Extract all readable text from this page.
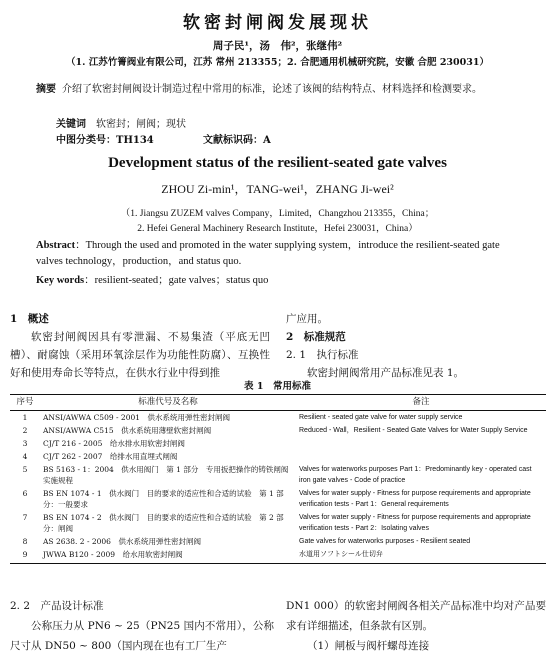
软密封闸阀发展现状
周子民¹，汤　伟²，张继伟²
（1. 江苏竹箐阀业有限公司，江苏 常州 213355；2. 合肥通用机械研究院，安徽 合肥 230031）
摘要 介绍了软密封闸阀设计制造过程中常用的标准，论述了该阀的结构特点、材料选择和检测要求。
关键词　 软密封；闸阀；现状
中图分类号：TH134	文献标识码：A
Development status of the resilient-seated gate valves
ZHOU Zi-min¹，TANG-wei¹，ZHANG Ji-wei²
（1. Jiangsu ZUZEM valves Company，Limited，Changzhou 213355，China；
2. Hefei General Machinery Research Institute，Hefei 230031，China）
Abstract：Through the used and promoted in the water supplying system，introduce the resilient-seated gate valves technology，production，and status quo.
Key words：resilient-seated；gate valves；status quo
1　概述
软密封闸阀因具有零泄漏、不易集渣（平底无凹槽）、耐腐蚀（采用环氧涂层作为功能性防腐）、互换性好和使用寿命长等特点，在供水行业中得到推
广应用。
2　标准规范
2. 1　执行标准
软密封闸阀常用产品标准见表 1。
表 1　常用标准
序号	标准代号及名称	备注
1	ANSI/AWWA C509 - 2001　供水系统用弹性密封闸阀	Resilient - seated gate valve for water supply service
2	ANSI/AWWA C515　供水系统用薄壁软密封闸阀	Reduced - Wall，Resilient - Seated Gate Valves for Water Supply Service
3	CJ/T 216 - 2005　给水排水用软密封闸阀	
4	CJ/T 262 - 2007　给排水用直埋式闸阀	
5	BS 5163 - 1：2004　供水用阀门　第 1 部分　专用扳把操作的铸铁闸阀　实施规程	Valves for waterworks purposes Part 1：Predominantly key - operated cast iron gate valves - Code of practice
6	BS EN 1074 - 1　供水阀门　目的要求的适应性和合适的试验　第 1 部分：一般要求	Valves for water supply - Fitness for purpose requirements and appropriate verification tests - Part 1：General requirements
7	BS EN 1074 - 2　供水阀门　目的要求的适应性和合适的试验　第 2 部分：闸阀	Valves for water supply - Fitness for purpose requirements and appropriate verification tests - Part 2：Isolating valves
8	AS 2638. 2 - 2006　供水系统用弹性密封闸阀	Gate valves for waterworks purposes - Resilient seated
9	JWWA B120 - 2009　给水用软密封闸阀	水道用ソフトシール仕切弁
2. 2　产品设计标准
公称压力从 PN6 ~ 25（PN25 国内不常用），公称尺寸从 DN50 ~ 800（国内现在也有工厂生产
DN1 000）的软密封闸阀各相关产品标准中均对产品要求有详细描述，但条款有区别。
（1）闸板与阀杆螺母连接
